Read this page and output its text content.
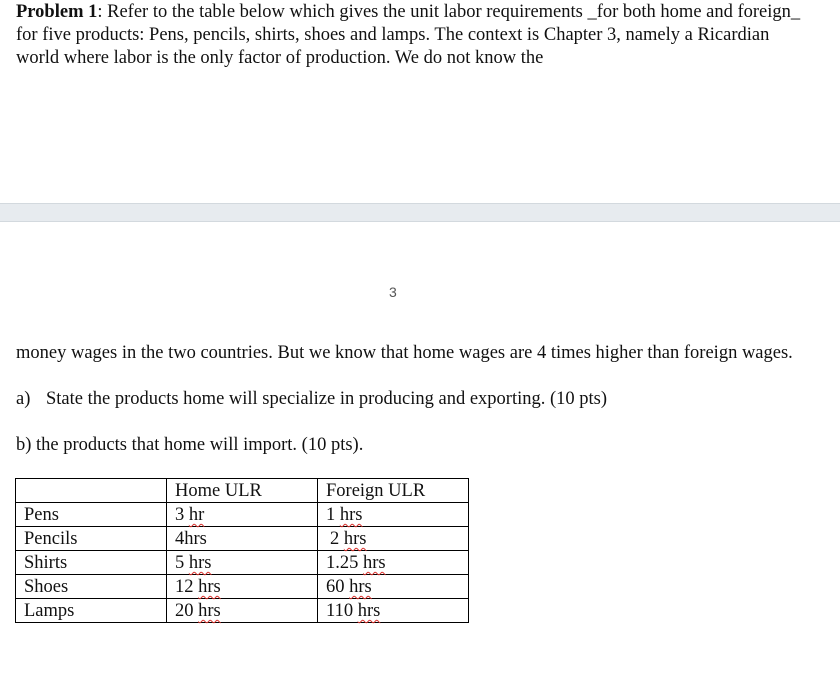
Problem 1: Refer to the table below which gives the unit labor requirements _for both home and foreign_ for five products: Pens, pencils, shirts, shoes and lamps. The context is Chapter 3, namely a Ricardian world where labor is the only factor of production. We do not know the

3

money wages in the two countries. But we know that home wages are 4 times higher than foreign wages.

a) State the products home will specialize in producing and exporting. (10 pts)

b) the products that home will import. (10 pts).

	Home ULR	Foreign ULR
Pens	3 hr	1 hrs
Pencils	4hrs	2 hrs
Shirts	5 hrs	1.25 hrs
Shoes	12 hrs	60 hrs
Lamps	20 hrs	110 hrs
